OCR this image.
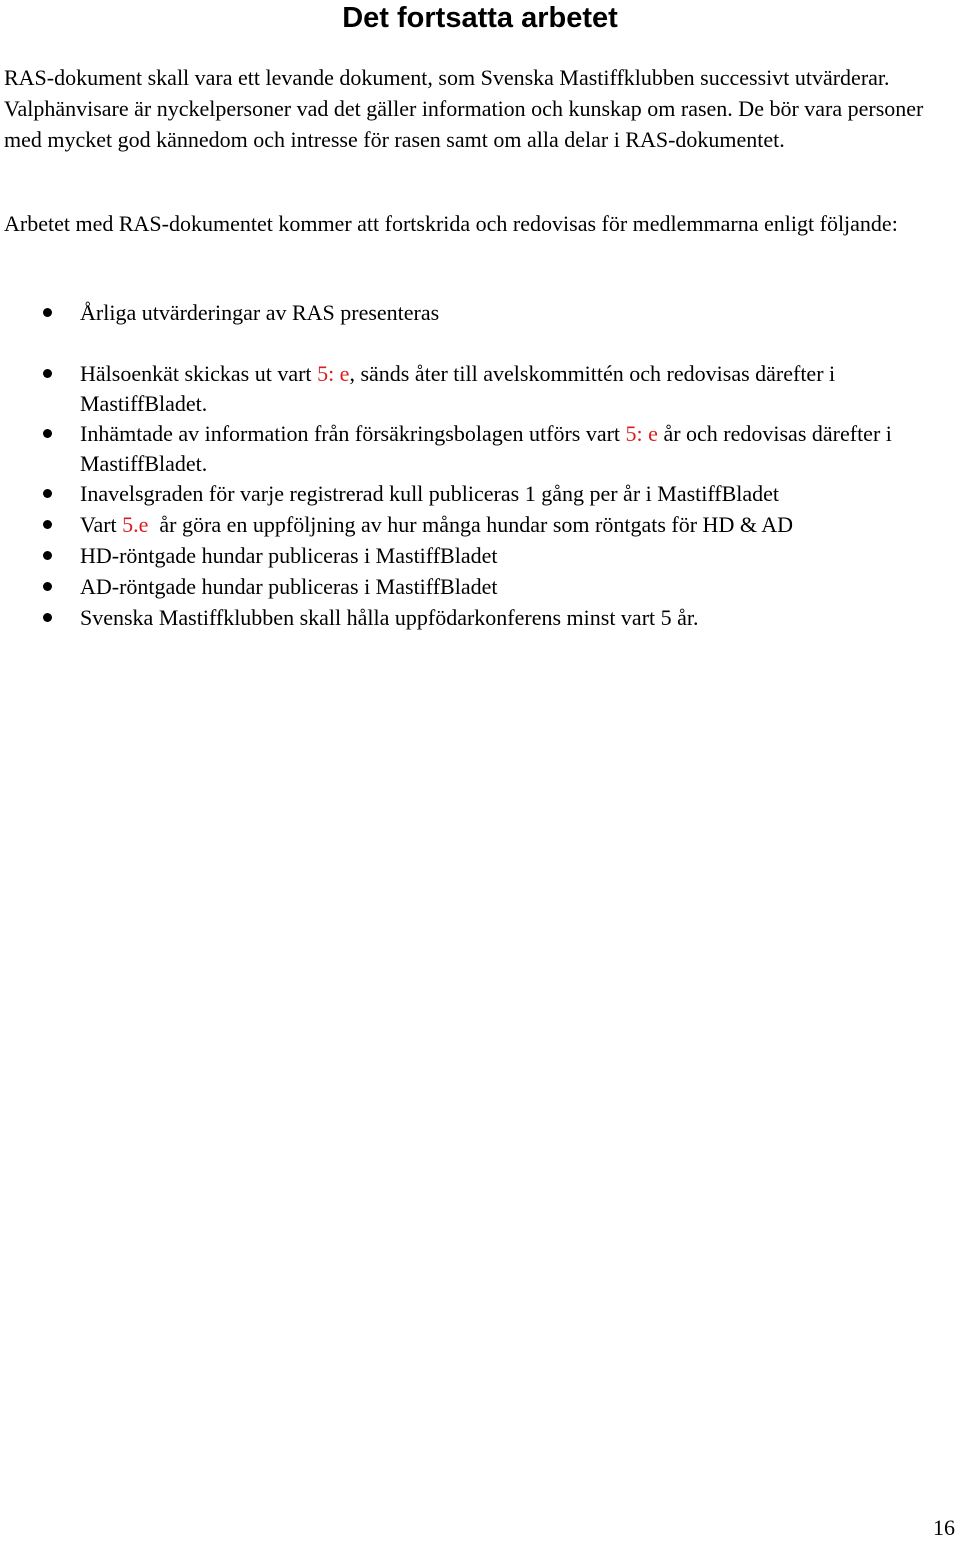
Det fortsatta arbetet

RAS-dokument skall vara ett levande dokument, som Svenska Mastiffklubben successivt utvärderar. Valphänvisare är nyckelpersoner vad det gäller information och kunskap om rasen. De bör vara personer med mycket god kännedom och intresse för rasen samt om alla delar i RAS-dokumentet.

Arbetet med RAS-dokumentet kommer att fortskrida och redovisas för medlemmarna enligt följande:

Årliga utvärderingar av RAS presenteras
Hälsoenkät skickas ut vart 5: e, sänds åter till avelskommittén och redovisas därefter i MastiffBladet.
Inhämtade av information från försäkringsbolagen utförs vart 5: e år och redovisas därefter i MastiffBladet.
Inavelsgraden för varje registrerad kull publiceras 1 gång per år i MastiffBladet
Vart 5.e  år göra en uppföljning av hur många hundar som röntgats för HD & AD
HD-röntgade hundar publiceras i MastiffBladet
AD-röntgade hundar publiceras i MastiffBladet
Svenska Mastiffklubben skall hålla uppfödarkonferens minst vart 5 år.
16
